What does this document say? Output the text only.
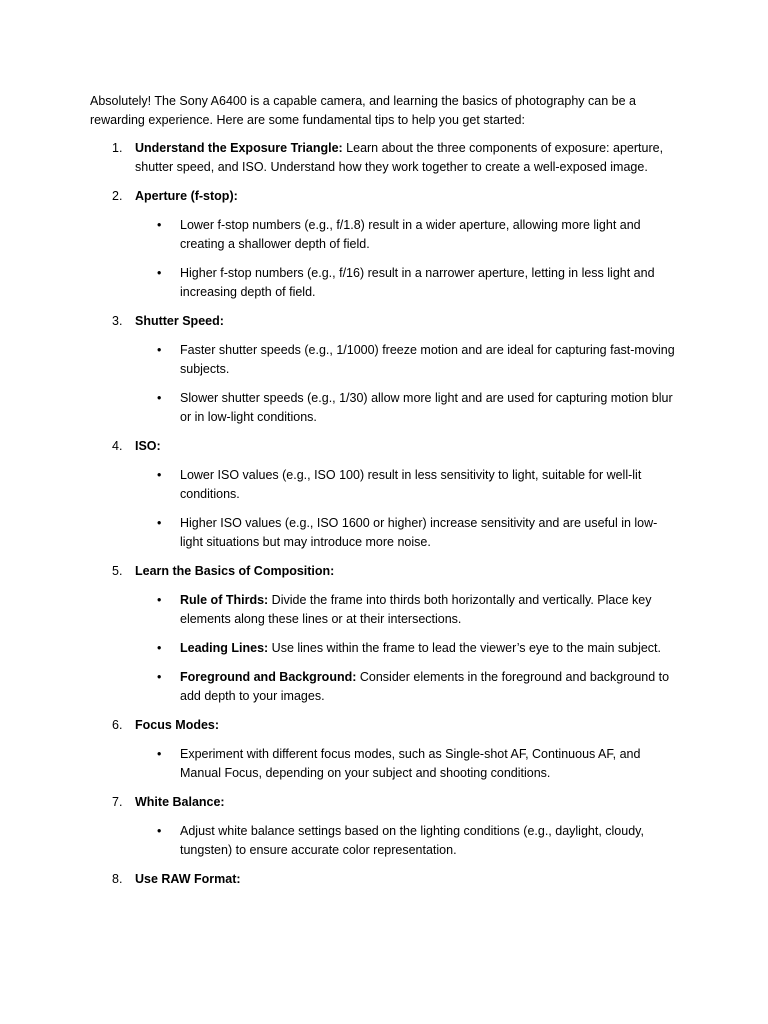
Absolutely! The Sony A6400 is a capable camera, and learning the basics of photography can be a rewarding experience. Here are some fundamental tips to help you get started:

1. Understand the Exposure Triangle: Learn about the three components of exposure: aperture, shutter speed, and ISO. Understand how they work together to create a well-exposed image.

2. Aperture (f-stop):

• Lower f-stop numbers (e.g., f/1.8) result in a wider aperture, allowing more light and creating a shallower depth of field.
• Higher f-stop numbers (e.g., f/16) result in a narrower aperture, letting in less light and increasing depth of field.
3. Shutter Speed:

• Faster shutter speeds (e.g., 1/1000) freeze motion and are ideal for capturing fast-moving subjects.
• Slower shutter speeds (e.g., 1/30) allow more light and are used for capturing motion blur or in low-light conditions.
4. ISO:

• Lower ISO values (e.g., ISO 100) result in less sensitivity to light, suitable for well-lit conditions.
• Higher ISO values (e.g., ISO 1600 or higher) increase sensitivity and are useful in low-light situations but may introduce more noise.
5. Learn the Basics of Composition:

• Rule of Thirds: Divide the frame into thirds both horizontally and vertically. Place key elements along these lines or at their intersections.
• Leading Lines: Use lines within the frame to lead the viewer’s eye to the main subject.
• Foreground and Background: Consider elements in the foreground and background to add depth to your images.
6. Focus Modes:

• Experiment with different focus modes, such as Single-shot AF, Continuous AF, and Manual Focus, depending on your subject and shooting conditions.
7. White Balance:

• Adjust white balance settings based on the lighting conditions (e.g., daylight, cloudy, tungsten) to ensure accurate color representation.
8. Use RAW Format:
